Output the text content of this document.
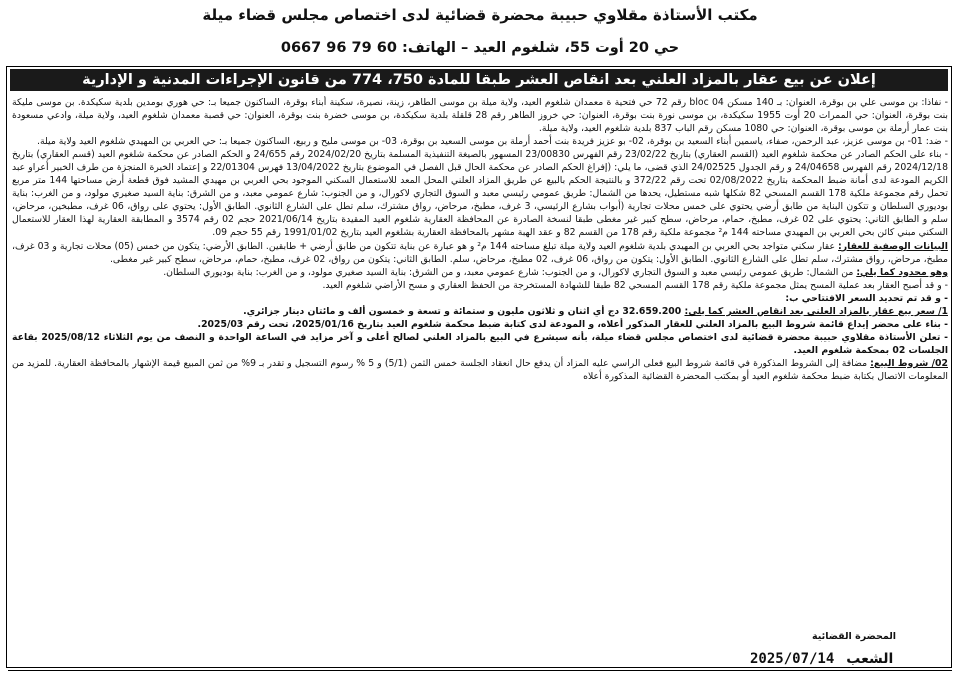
مكتب الأستاذة مقلاوي حبيبة محضرة قضائية لدى اختصاص مجلس قضاء ميلة
حي 20 أوت 55، شلغوم العيد – الهاتف: 60 79 96 0667
إعلان عن بيع عقار بالمزاد العلني بعد انقاص العشر طبقا للمادة 750، 774 من قانون الإجراءات المدنية و الإدارية

- نفاذا: بن موسى علي بن بوقرة، العنوان: بـ 140 مسكن bloc 04 رقم 72 حي فتحية ة معمدان شلغوم العيد، ولاية ميلة بن موسى الطاهر، زينة، نصيرة، سكينة أبناء بوقرة، الساكنون جميعا بـ: حي هوري بومدين بلدية سكيكدة. بن موسى مليكة بنت بوقرة، العنوان: حي الممرات 20 أوت 1955 سكيكدة، بن موسى نورة بنت بوقرة، العنوان: حي خروز الطاهر رقم 28 قلقلة بلدية سكيكدة، بن موسى خضرة بنت بوقرة، العنوان: حي قصبة معمدان شلغوم العيد، ولاية ميلة، وادعي مسعودة بنت عمار أرملة بن موسى بوقرة، العنوان: حي 1080 مسكن رقم الباب 837 بلدية شلغوم العيد، ولاية ميلة.

- ضد: 01- بن موسى عزيز، عبد الرحمن، صفاء، ياسمين أبناء السعيد بن بوقرة، 02- بو عزيز فريدة بنت أحمد أرملة بن موسى السعيد بن بوقرة، 03- بن موسى مليح و ربيع، الساكنون جميعا بـ: حي العربي بن المهيدي شلغوم العيد ولاية ميلة.

- بناء على الحكم الصادر عن محكمة شلغوم العيد (القسم العقاري) بتاريخ 23/02/22 رقم الفهرس 23/00830 المسهور بالصيغة التنفيذية المسلمة بتاريخ 2024/02/20 رقم 24/655 و الحكم الصادر عن محكمة شلغوم العيد (قسم العقاري) بتاريخ 2024/12/18 رقم الفهرس 24/04658 و رقم الجدول 24/02525 الذي قضى، ما يلي: (إفراغ الحكم الصادر عن محكمة الحال قبل الفصل في الموضوع بتاريخ 13/04/2022 فهرس 22/01304 و إعتماد الخبرة المنجزة من طرف الخبير أعراو عبد الكريم المودعة لدى أمانة ضبط المحكمة بتاريخ 02/08/2022 تحت رقم 372/22 و بالنتيجة الحكم بالبيع عن طريق المزاد العلني المحل المعد للاستعمال السكني الموجود بحي العربي بن مهيدي المشيد فوق قطعة أرض مساحتها 144 متر مربع تحمل رقم مجموعة ملكية 178 القسم المسحي 82 شكلها شبه مستطيل، يحدها من الشمال: طريق عمومي رئيسي معبد و السوق التجاري لاكورال، و من الجنوب: شارع عمومي معبد، و من الشرق: بناية السيد صغيري مولود، و من الغرب: بناية بوديوري السلطان و تتكون البناية من طابق أرضي يحتوي على خمس محلات تجارية (أبواب بشارع الرئيسي، 3 غرف، مطبخ، مرحاض، رواق مشترك، سلم تطل على الشارع الثانوي. الطابق الأول: يحتوي على رواق، 06 غرف، مطبخين، مرحاض، سلم و الطابق الثاني: يحتوي على 02 غرف، مطبخ، حمام، مرحاض، سطح كبير غير مغطى طبقا لنسخة الصادرة عن المحافظة العقارية شلغوم العيد المقيدة بتاريخ 2021/06/14 حجم 02 رقم 3574 و المطابقة العقارية لهذا العقار للاستعمال السكني مبني كائن بحي العربي بن المهيدي مساحته 144 م² مجموعة ملكية رقم 178 من القسم 82 و عقد الهبة مشهر بالمحافظة العقارية بشلغوم العيد بتاريخ 1991/01/02 رقم 55 حجم 09.

البيانات الوصفية للعقار: عقار سكني متواجد بحي العربي بن المهيدي بلدية شلغوم العيد ولاية ميلة تبلغ مساحته 144 م² و هو عبارة عن بناية تتكون من طابق أرضي + طابقين. الطابق الأرضي: يتكون من خمس (05) محلات تجارية و 03 غرف، مطبخ، مرحاض، رواق مشترك، سلم تطل على الشارع الثانوي. الطابق الأول: يتكون من رواق، 06 غرف، 02 مطبخ، مرحاض، سلم. الطابق الثاني: يتكون من رواق، 02 غرف، مطبخ، حمام، مرحاض، سطح كبير غير مغطى.

وهو محدود كما يلي: من الشمال: طريق عمومي رئيسي معبد و السوق التجاري لاكورال، و من الجنوب: شارع عمومي معبد، و من الشرق: بناية السيد صغيري مولود، و من الغرب: بناية بوديوري السلطان.

- و قد أصبح العقار بعد عملية المسح يمثل مجموعة ملكية رقم 178 القسم المسحي 82 طبقا للشهادة المستخرجة من الحفظ العقاري و مسح الأراضي شلغوم العيد.

- و قد تم تحديد السعر الافتتاحي ب:

1/ سعر بيع عقار بالمزاد العلني بعد انقاص العشر كما يلي: 32.659.200 دج أي اثنان و ثلاثون مليون و ستمائة و تسعة و خمسون ألف و مائتان دينار جزائري.

- بناء على محضر إيداع قائمة شروط البيع بالمزاد العلني للعقار المذكور أعلاه، و المودعة لدى كتابة ضبط محكمة شلغوم العيد بتاريخ 2025/01/16، تحت رقم 2025/03.

- تعلن الأستاذة مقلاوي حبيبة محضرة قضائية لدى اختصاص مجلس قضاء ميلة، بأنه سيشرع في البيع بالمزاد العلني لصالح أعلى و آخر مزايد في الساعة الواحدة و النصف من يوم الثلاثاء 2025/08/12 بقاعة الجلسات 02 بمحكمة شلغوم العيد.

02/ شروط البيع: مضافة إلى الشروط المذكورة في قائمة شروط البيع فعلى الراسي عليه المزاد أن يدفع حال انعقاد الجلسة خمس الثمن (5/1) و 5 % رسوم التسجيل و تقدر بـ 9% من ثمن المبيع قيمة الإشهار بالمحافظة العقارية. للمزيد من المعلومات الاتصال بكتابة ضبط محكمة شلغوم العيد أو بمكتب المحضرة القضائية المذكورة أعلاه

المحضرة القضائية
2025/07/14 الشعب
